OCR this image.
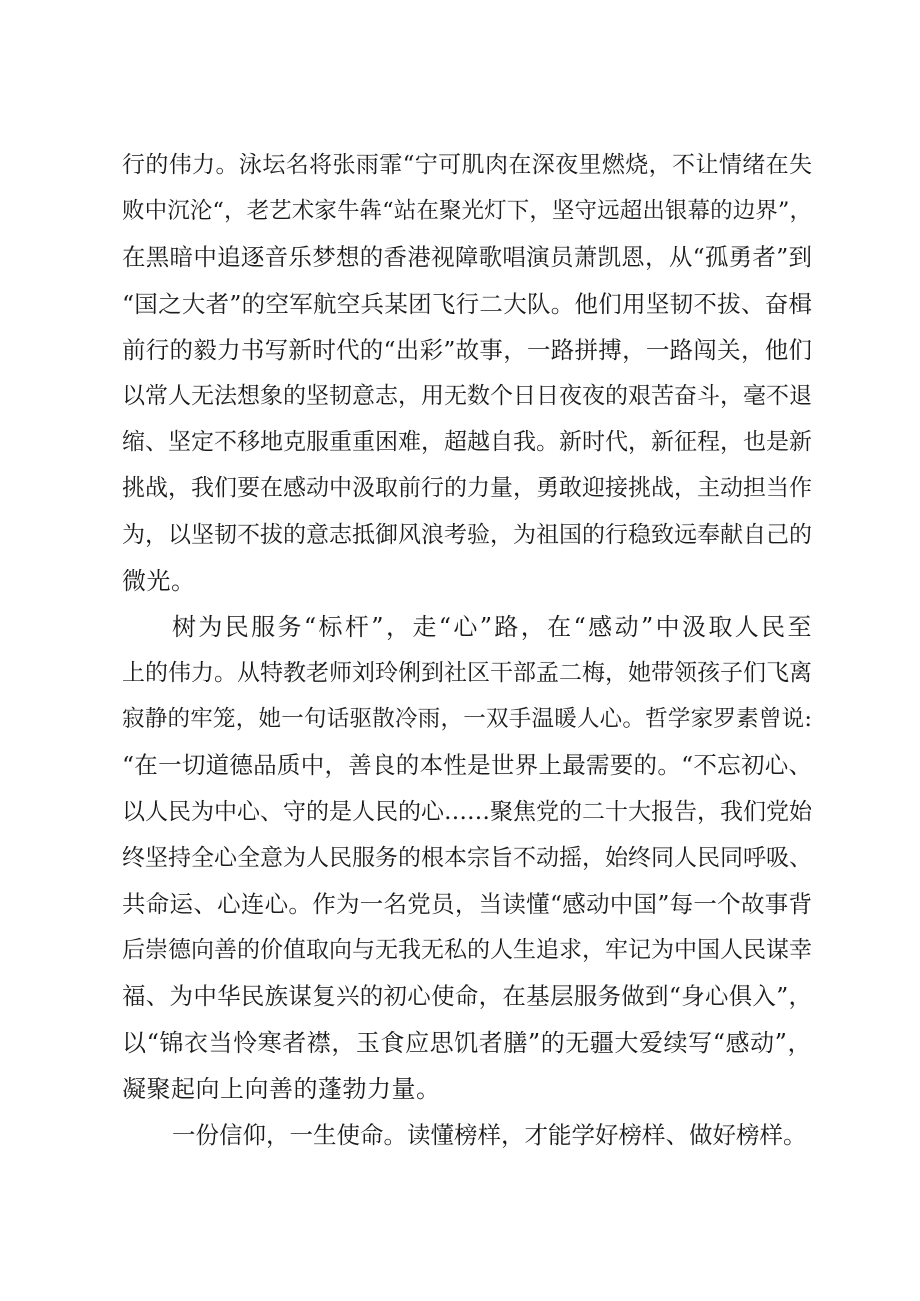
行的伟力。泳坛名将张雨霏“宁可肌肉在深夜里燃烧，不让情绪在失
败中沉沦“，老艺术家牛犇“站在聚光灯下，坚守远超出银幕的边界”，
在黑暗中追逐音乐梦想的香港视障歌唱演员萧凯恩，从“孤勇者”到
“国之大者”的空军航空兵某团飞行二大队。他们用坚韧不拔、奋楫
前行的毅力书写新时代的“出彩”故事，一路拼搏，一路闯关，他们
以常人无法想象的坚韧意志，用无数个日日夜夜的艰苦奋斗，毫不退
缩、坚定不移地克服重重困难，超越自我。新时代，新征程，也是新
挑战，我们要在感动中汲取前行的力量，勇敢迎接挑战，主动担当作
为，以坚韧不拔的意志抵御风浪考验，为祖国的行稳致远奉献自己的
微光。
树为民服务“标杆”，走“心”路，在“感动”中汲取人民至
上的伟力。从特教老师刘玲俐到社区干部孟二梅，她带领孩子们飞离
寂静的牢笼，她一句话驱散冷雨，一双手温暖人心。哲学家罗素曾说:
“在一切道德品质中，善良的本性是世界上最需要的。“不忘初心、
以人民为中心、守的是人民的心……聚焦党的二十大报告，我们党始
终坚持全心全意为人民服务的根本宗旨不动摇，始终同人民同呼吸、
共命运、心连心。作为一名党员，当读懂“感动中国”每一个故事背
后崇德向善的价值取向与无我无私的人生追求，牢记为中国人民谋幸
福、为中华民族谋复兴的初心使命，在基层服务做到“身心俱入”，
以“锦衣当怜寒者襟，玉食应思饥者膳”的无疆大爱续写“感动”，
凝聚起向上向善的蓬勃力量。
一份信仰，一生使命。读懂榜样，才能学好榜样、做好榜样。
